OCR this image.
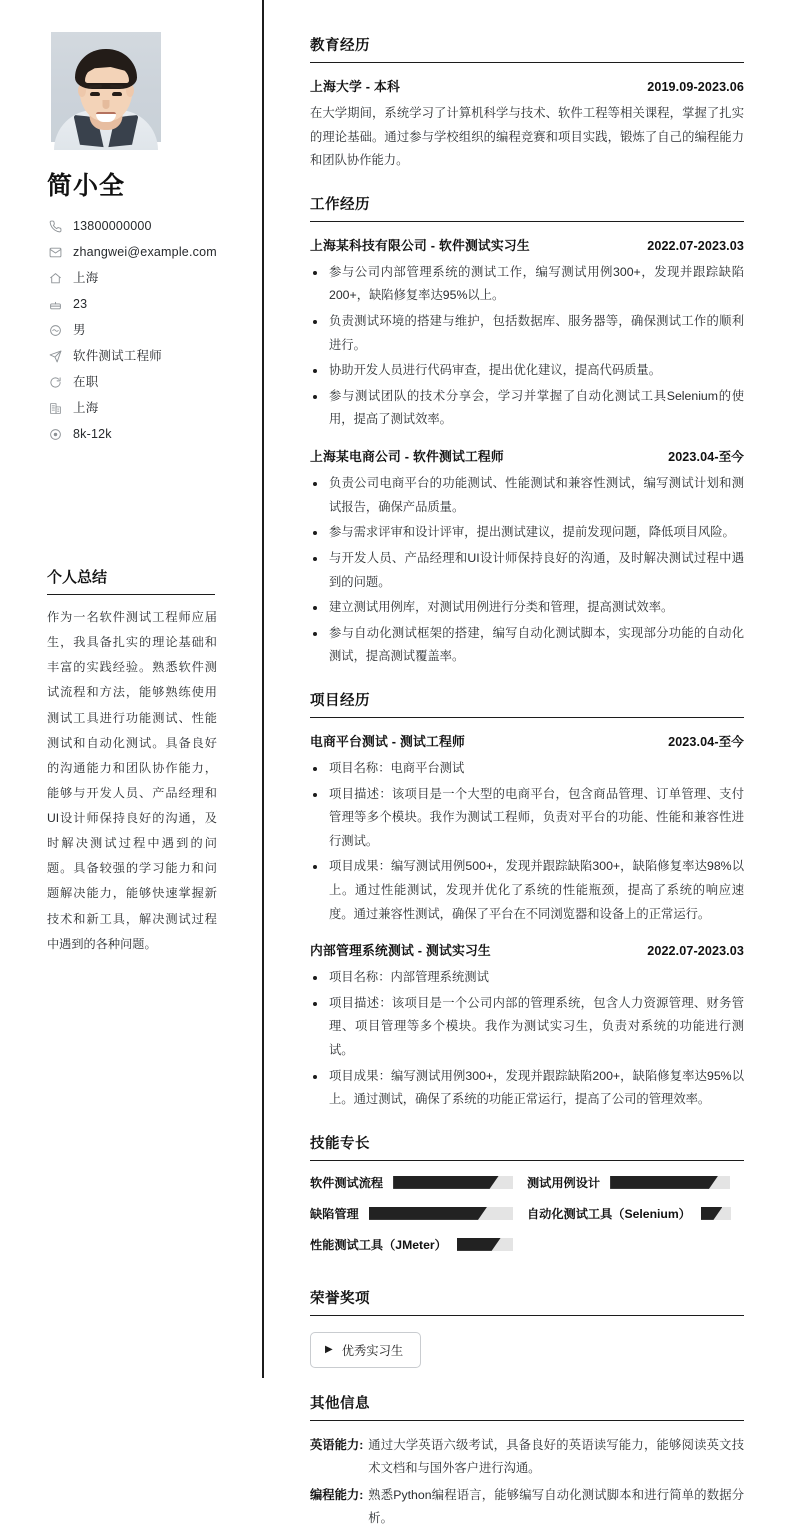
简小全
13800000000
zhangwei@example.com
上海
23
男
软件测试工程师
在职
上海
8k-12k
个人总结
作为一名软件测试工程师应届生，我具备扎实的理论基础和丰富的实践经验。熟悉软件测试流程和方法，能够熟练使用测试工具进行功能测试、性能测试和自动化测试。具备良好的沟通能力和团队协作能力，能够与开发人员、产品经理和UI设计师保持良好的沟通，及时解决测试过程中遇到的问题。具备较强的学习能力和问题解决能力，能够快速掌握新技术和新工具，解决测试过程中遇到的各种问题。
教育经历
上海大学 - 本科	2019.09-2023.06
在大学期间，系统学习了计算机科学与技术、软件工程等相关课程，掌握了扎实的理论基础。通过参与学校组织的编程竞赛和项目实践，锻炼了自己的编程能力和团队协作能力。
工作经历
上海某科技有限公司 - 软件测试实习生	2022.07-2023.03
参与公司内部管理系统的测试工作，编写测试用例300+，发现并跟踪缺陷200+，缺陷修复率达95%以上。
负责测试环境的搭建与维护，包括数据库、服务器等，确保测试工作的顺利进行。
协助开发人员进行代码审查，提出优化建议，提高代码质量。
参与测试团队的技术分享会，学习并掌握了自动化测试工具Selenium的使用，提高了测试效率。
上海某电商公司 - 软件测试工程师	2023.04-至今
负责公司电商平台的功能测试、性能测试和兼容性测试，编写测试计划和测试报告，确保产品质量。
参与需求评审和设计评审，提出测试建议，提前发现问题，降低项目风险。
与开发人员、产品经理和UI设计师保持良好的沟通，及时解决测试过程中遇到的问题。
建立测试用例库，对测试用例进行分类和管理，提高测试效率。
参与自动化测试框架的搭建，编写自动化测试脚本，实现部分功能的自动化测试，提高测试覆盖率。
项目经历
电商平台测试 - 测试工程师	2023.04-至今
项目名称：电商平台测试
项目描述：该项目是一个大型的电商平台，包含商品管理、订单管理、支付管理等多个模块。我作为测试工程师，负责对平台的功能、性能和兼容性进行测试。
项目成果：编写测试用例500+，发现并跟踪缺陷300+，缺陷修复率达98%以上。通过性能测试，发现并优化了系统的性能瓶颈，提高了系统的响应速度。通过兼容性测试，确保了平台在不同浏览器和设备上的正常运行。
内部管理系统测试 - 测试实习生	2022.07-2023.03
项目名称：内部管理系统测试
项目描述：该项目是一个公司内部的管理系统，包含人力资源管理、财务管理、项目管理等多个模块。我作为测试实习生，负责对系统的功能进行测试。
项目成果：编写测试用例300+，发现并跟踪缺陷200+，缺陷修复率达95%以上。通过测试，确保了系统的功能正常运行，提高了公司的管理效率。
技能专长
软件测试流程	测试用例设计
缺陷管理	自动化测试工具（Selenium）
性能测试工具（JMeter）
荣誉奖项
▶ 优秀实习生
其他信息
英语能力: 通过大学英语六级考试，具备良好的英语读写能力，能够阅读英文技术文档和与国外客户进行沟通。
编程能力: 熟悉Python编程语言，能够编写自动化测试脚本和进行简单的数据分析。
